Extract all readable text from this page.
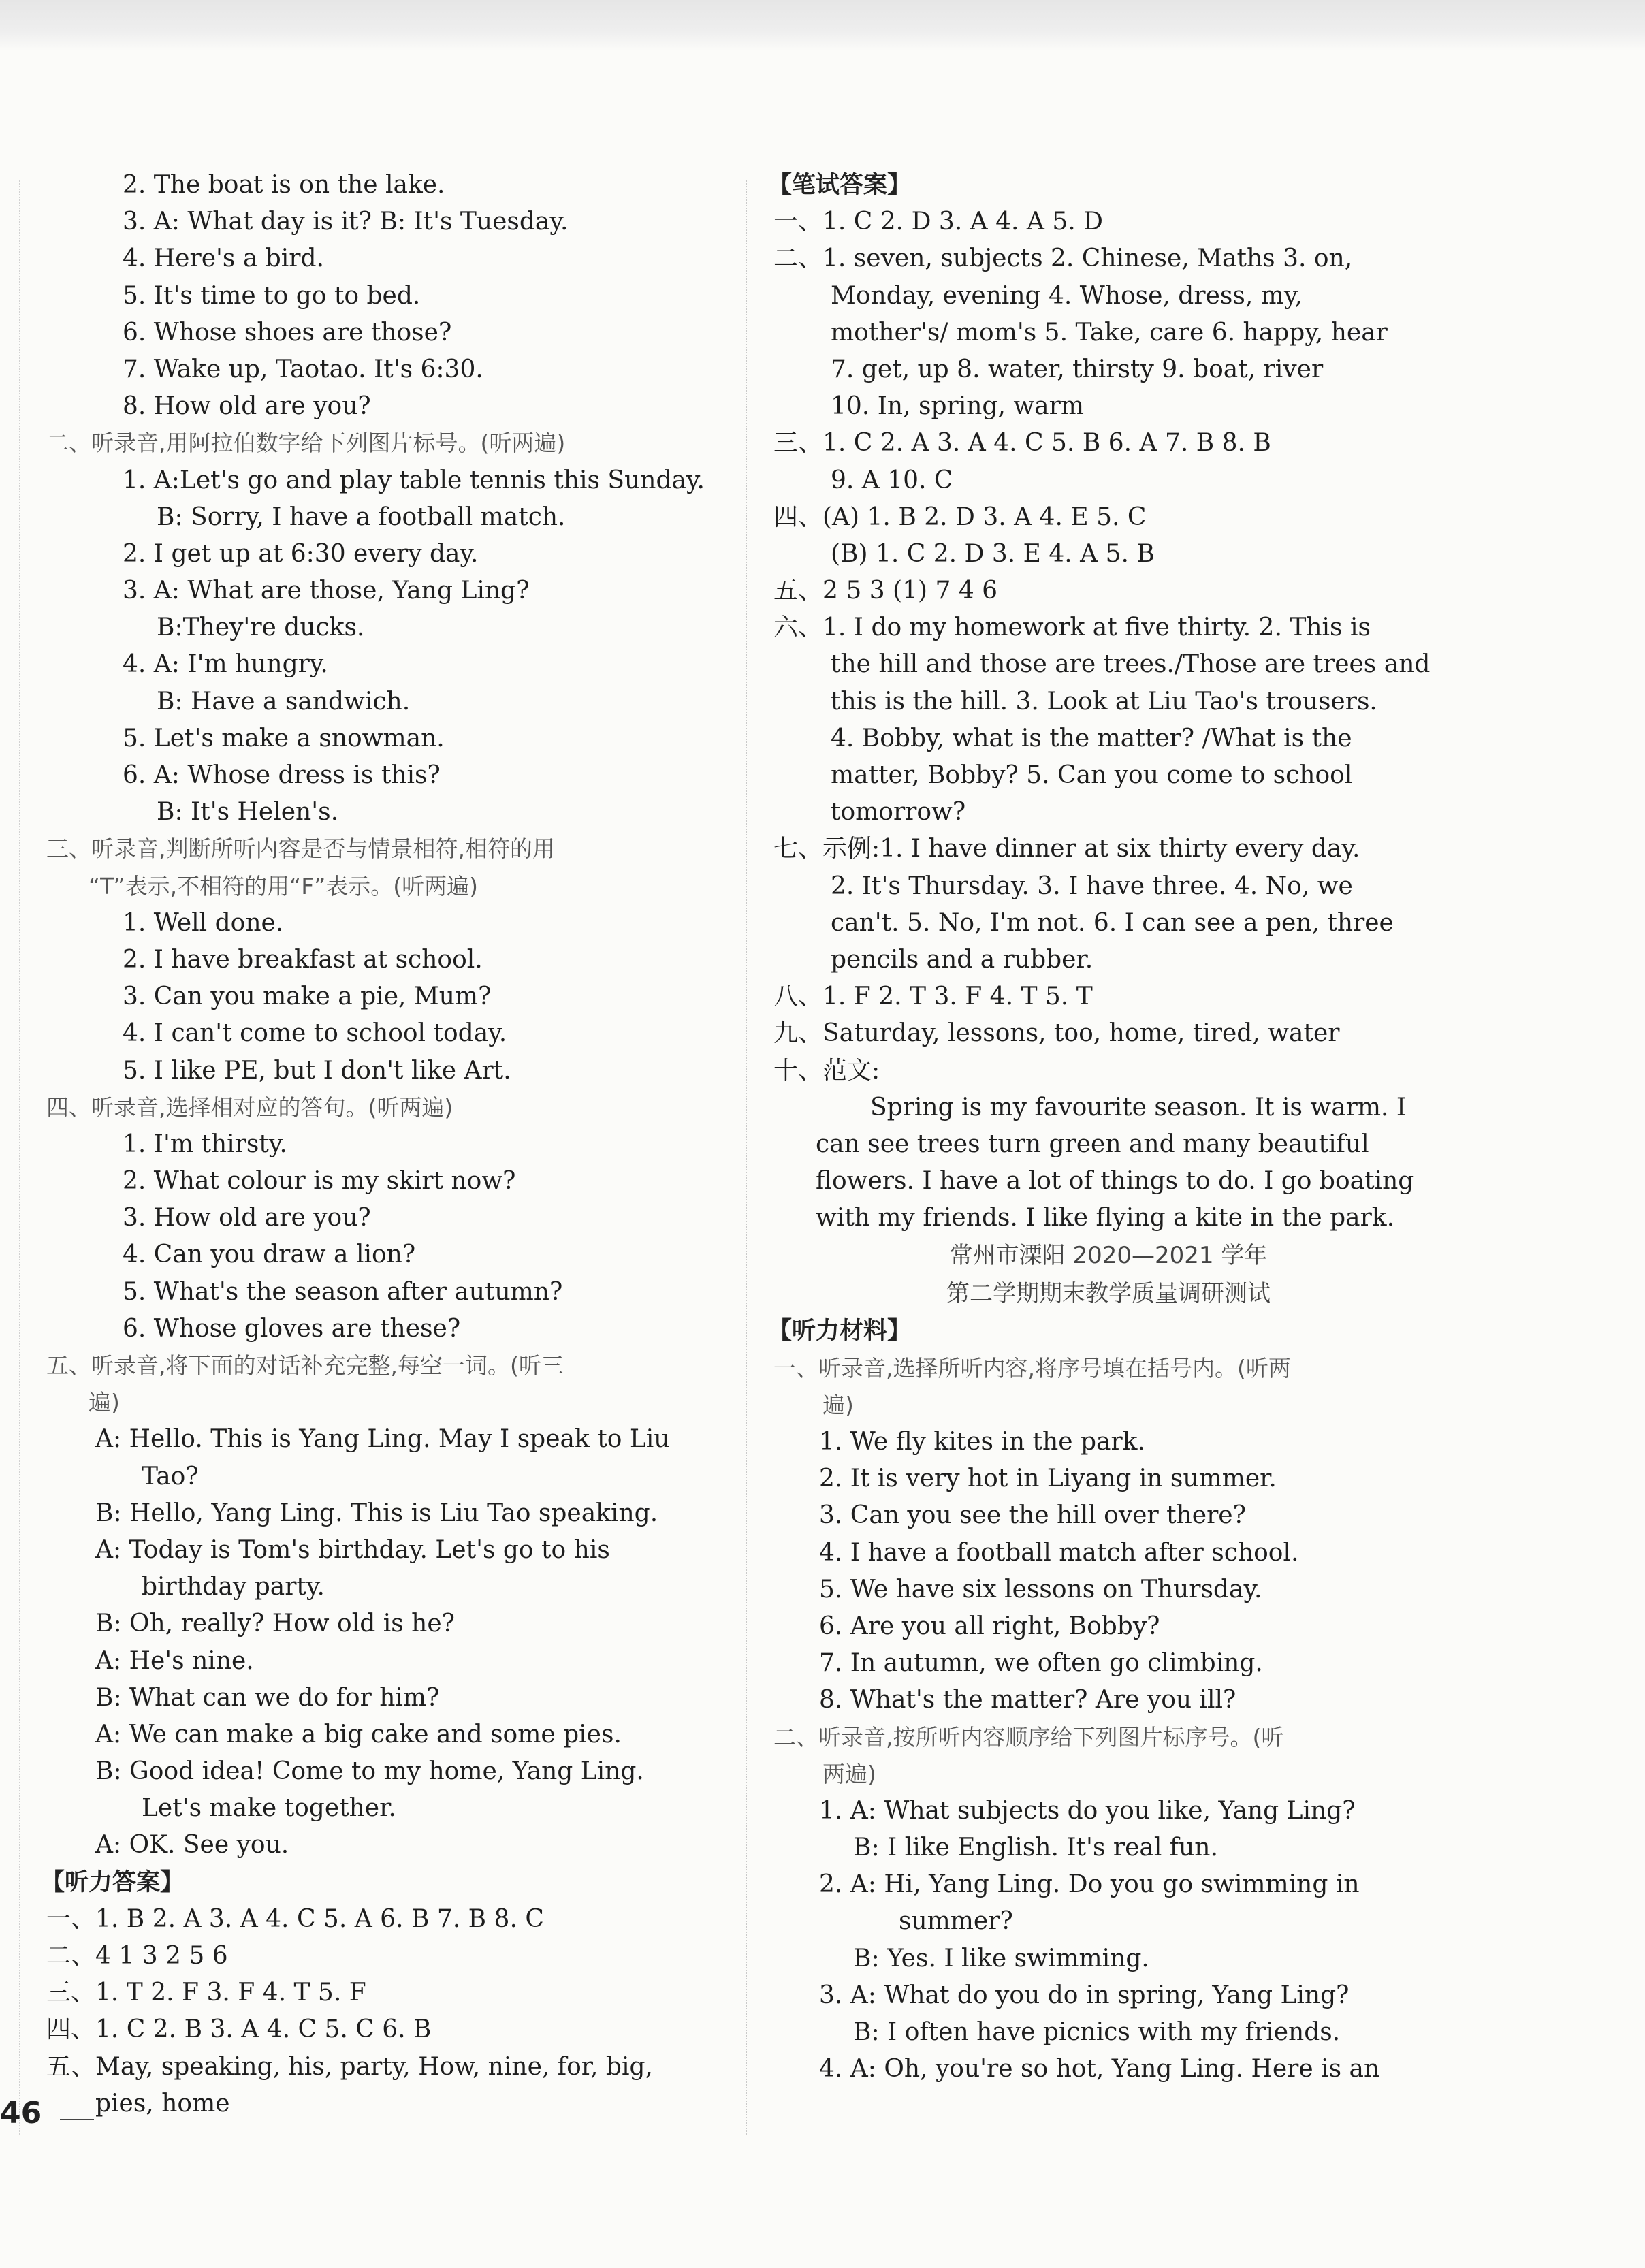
2. The boat is on the lake.
3. A: What day is it? B: It's Tuesday.
4. Here's a bird.
5. It's time to go to bed.
6. Whose shoes are those?
7. Wake up, Taotao. It's 6:30.
8. How old are you?
二、听录音,用阿拉伯数字给下列图片标号。(听两遍)
1. A:Let's go and play table tennis this Sunday.
B: Sorry, I have a football match.
2. I get up at 6:30 every day.
3. A: What are those, Yang Ling?
B:They're ducks.
4. A: I'm hungry.
B: Have a sandwich.
5. Let's make a snowman.
6. A: Whose dress is this?
B: It's Helen's.
三、听录音,判断所听内容是否与情景相符,相符的用
“T”表示,不相符的用“F”表示。(听两遍)
1. Well done.
2. I have breakfast at school.
3. Can you make a pie, Mum?
4. I can't come to school today.
5. I like PE, but I don't like Art.
四、听录音,选择相对应的答句。(听两遍)
1. I'm thirsty.
2. What colour is my skirt now?
3. How old are you?
4. Can you draw a lion?
5. What's the season after autumn?
6. Whose gloves are these?
五、听录音,将下面的对话补充完整,每空一词。(听三
遍)
A: Hello. This is Yang Ling. May I speak to Liu
Tao?
B: Hello, Yang Ling. This is Liu Tao speaking.
A: Today is Tom's birthday. Let's go to his
birthday party.
B: Oh, really? How old is he?
A: He's nine.
B: What can we do for him?
A: We can make a big cake and some pies.
B: Good idea! Come to my home, Yang Ling.
Let's make together.
A: OK. See you.
【听力答案】
一、1. B 2. A 3. A 4. C 5. A 6. B 7. B 8. C
二、4 1 3 2 5 6
三、1. T 2. F 3. F 4. T 5. F
四、1. C 2. B 3. A 4. C 5. C 6. B
五、May, speaking, his, party, How, nine, for, big,
pies, home
【笔试答案】
一、1. C 2. D 3. A 4. A 5. D
二、1. seven, subjects 2. Chinese, Maths 3. on,
Monday, evening 4. Whose, dress, my,
mother's/ mom's 5. Take, care 6. happy, hear
7. get, up 8. water, thirsty 9. boat, river
10. In, spring, warm
三、1. C 2. A 3. A 4. C 5. B 6. A 7. B 8. B
9. A 10. C
四、(A) 1. B 2. D 3. A 4. E 5. C
(B) 1. C 2. D 3. E 4. A 5. B
五、2 5 3 (1) 7 4 6
六、1. I do my homework at five thirty. 2. This is
the hill and those are trees./Those are trees and
this is the hill. 3. Look at Liu Tao's trousers.
4. Bobby, what is the matter? /What is the
matter, Bobby? 5. Can you come to school
tomorrow?
七、示例:1. I have dinner at six thirty every day.
2. It's Thursday. 3. I have three. 4. No, we
can't. 5. No, I'm not. 6. I can see a pen, three
pencils and a rubber.
八、1. F 2. T 3. F 4. T 5. T
九、Saturday, lessons, too, home, tired, water
十、范文:
Spring is my favourite season. It is warm. I
can see trees turn green and many beautiful
flowers. I have a lot of things to do. I go boating
with my friends. I like flying a kite in the park.
常州市溧阳 2020—2021 学年
第二学期期末教学质量调研测试
【听力材料】
一、听录音,选择所听内容,将序号填在括号内。(听两
遍)
1. We fly kites in the park.
2. It is very hot in Liyang in summer.
3. Can you see the hill over there?
4. I have a football match after school.
5. We have six lessons on Thursday.
6. Are you all right, Bobby?
7. In autumn, we often go climbing.
8. What's the matter? Are you ill?
二、听录音,按所听内容顺序给下列图片标序号。(听
两遍)
1. A: What subjects do you like, Yang Ling?
B: I like English. It's real fun.
2. A: Hi, Yang Ling. Do you go swimming in
summer?
B: Yes. I like swimming.
3. A: What do you do in spring, Yang Ling?
B: I often have picnics with my friends.
4. A: Oh, you're so hot, Yang Ling. Here is an
46
